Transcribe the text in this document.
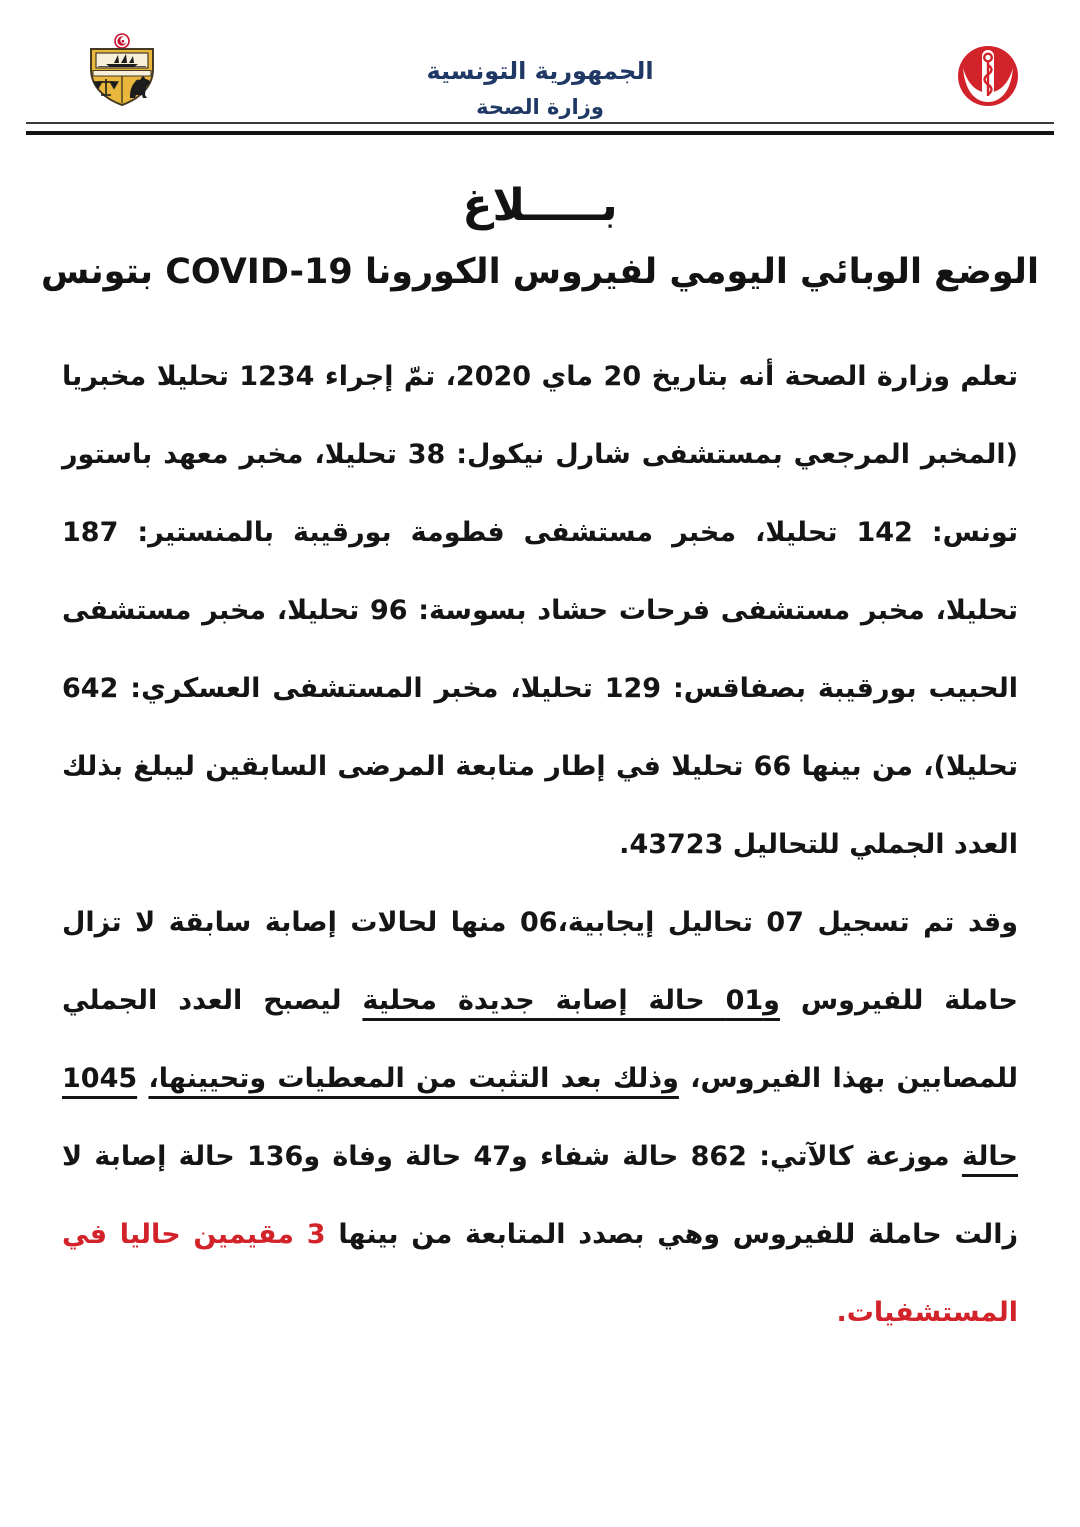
الجمهورية التونسية
وزارة الصحة
بـــــلاغ
الوضع الوبائي اليومي لفيروس الكورونا COVID-19 بتونس

تعلم وزارة الصحة أنه بتاريخ 20 ماي 2020، تمّ إجراء 1234 تحليلا مخبريا (المخبر المرجعي بمستشفى شارل نيكول: 38 تحليلا، مخبر معهد باستور تونس: 142 تحليلا، مخبر مستشفى فطومة بورقيبة بالمنستير: 187 تحليلا، مخبر مستشفى فرحات حشاد بسوسة: 96 تحليلا، مخبر مستشفى الحبيب بورقيبة بصفاقس: 129 تحليلا، مخبر المستشفى العسكري: 642 تحليلا)، من بينها 66 تحليلا في إطار متابعة المرضى السابقين ليبلغ بذلك العدد الجملي للتحاليل 43723.

وقد تم تسجيل 07 تحاليل إيجابية،06 منها لحالات إصابة سابقة لا تزال حاملة للفيروس و01 حالة إصابة جديدة محلية ليصبح العدد الجملي للمصابين بهذا الفيروس، وذلك بعد التثبت من المعطيات وتحيينها، 1045 حالة موزعة كالآتي: 862 حالة شفاء و47 حالة وفاة و136 حالة إصابة لا زالت حاملة للفيروس وهي بصدد المتابعة من بينها 3 مقيمين حاليا في المستشفيات.
